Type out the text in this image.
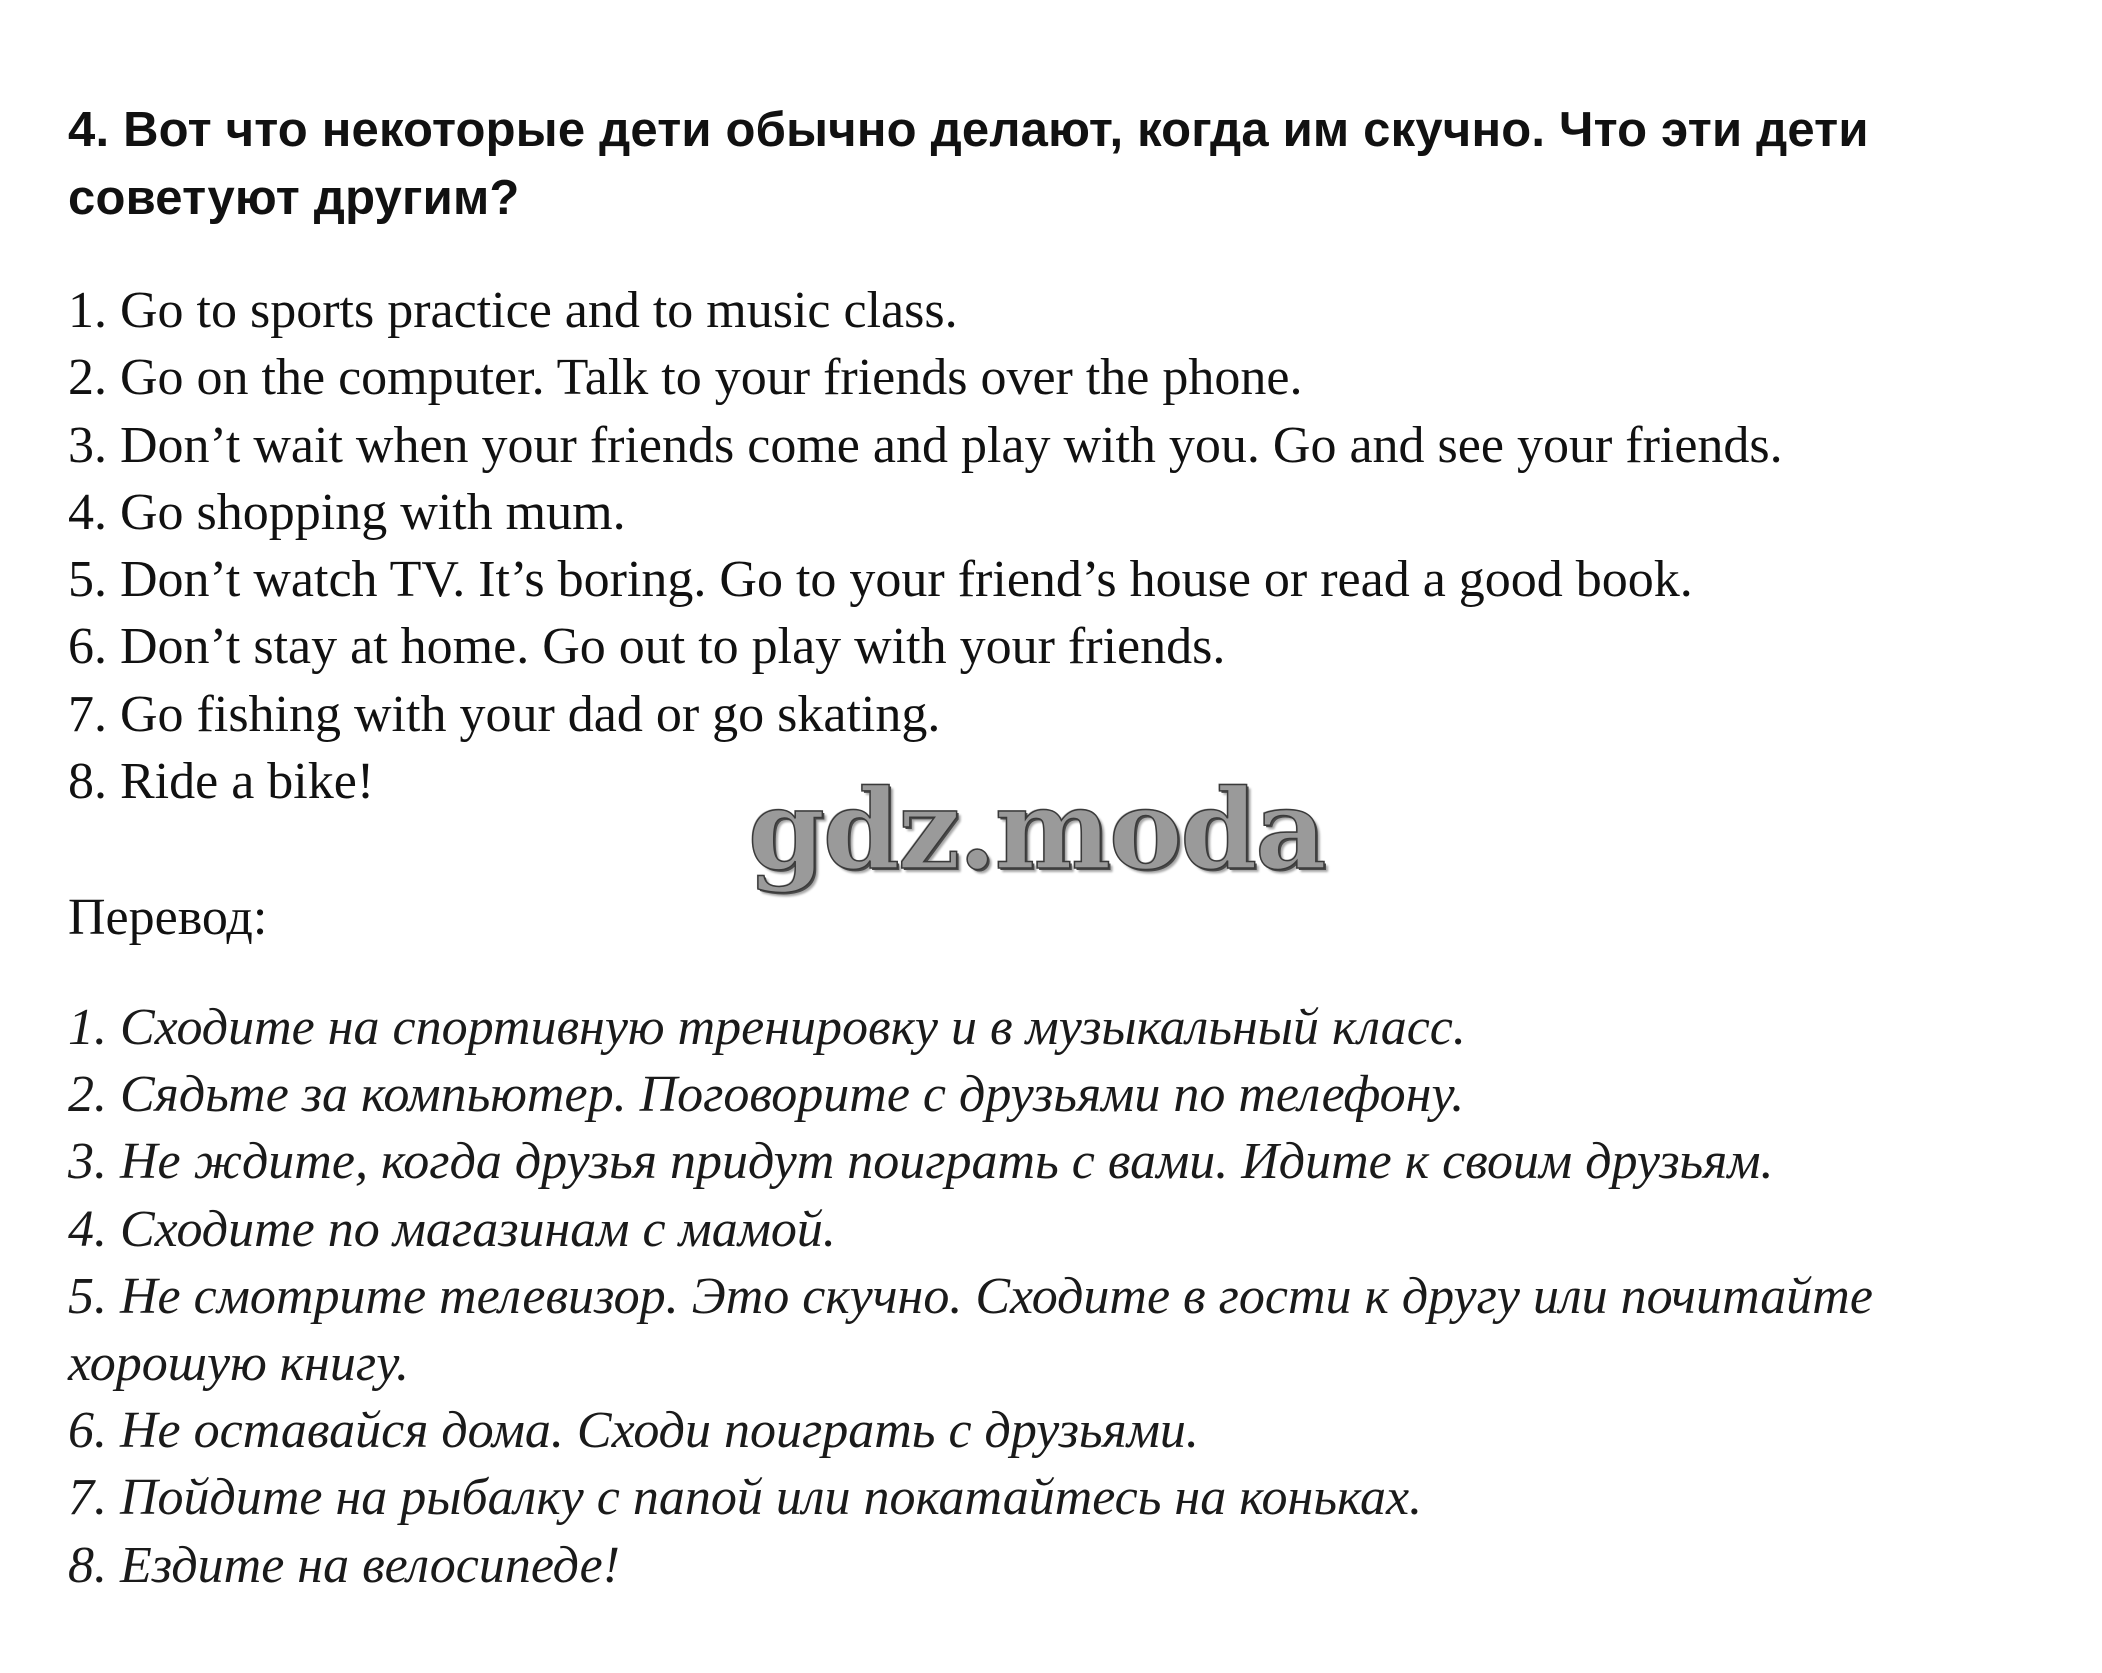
4. Вот что некоторые дети обычно делают, когда им скучно. Что эти дети советуют другим?
1. Go to sports practice and to music class.
2. Go on the computer. Talk to your friends over the phone.
3. Don’t wait when your friends come and play with you. Go and see your friends.
4. Go shopping with mum.
5. Don’t watch TV. It’s boring. Go to your friend’s house or read a good book.
6. Don’t stay at home. Go out to play with your friends.
7. Go fishing with your dad or go skating.
8. Ride a bike!	gdz.moda
Перевод:
1. Сходите на спортивную тренировку и в музыкальный класс.
2. Сядьте за компьютер. Поговорите с друзьями по телефону.
3. Не ждите, когда друзья придут поиграть с вами. Идите к своим друзьям.
4. Сходите по магазинам с мамой.
5. Не смотрите телевизор. Это скучно. Сходите в гости к другу или почитайте хорошую книгу.
6. Не оставайся дома. Сходи поиграть с друзьями.
7. Пойдите на рыбалку с папой или покатайтесь на коньках.
8. Ездите на велосипеде!
